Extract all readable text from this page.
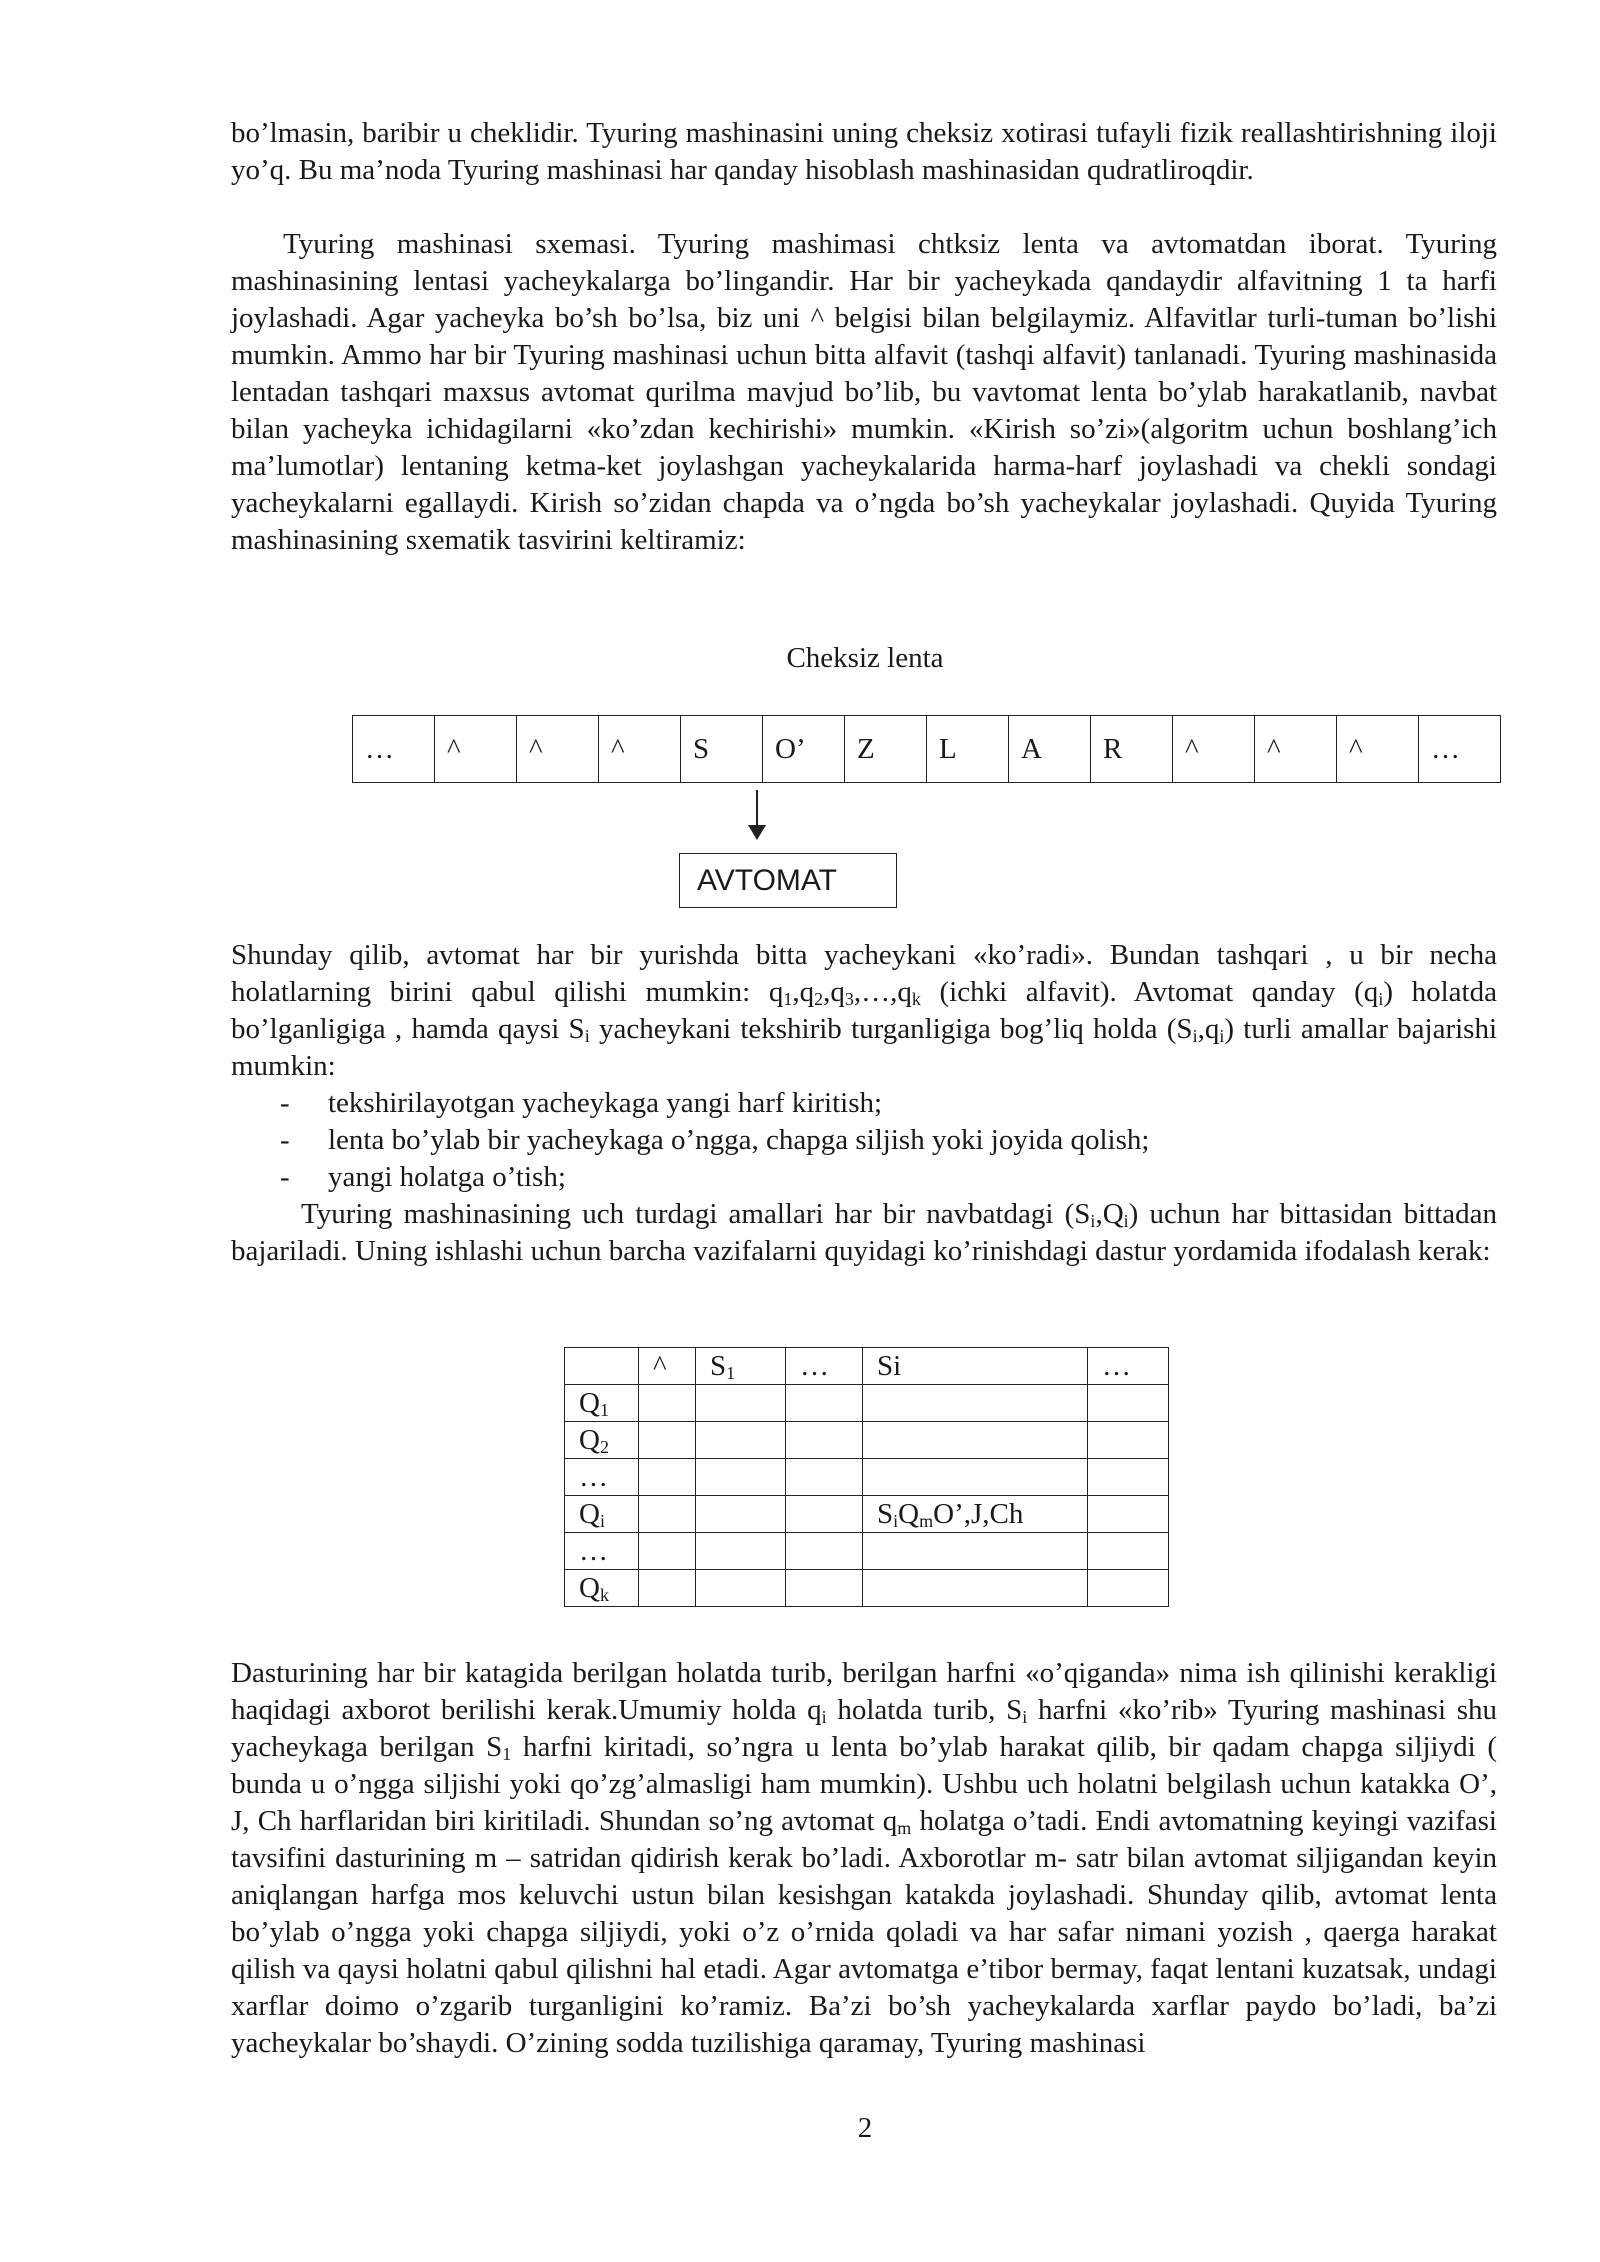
bo’lmasin, baribir u cheklidir. Tyuring mashinasini uning cheksiz xotirasi tufayli fizik reallashtirishning iloji yo’q. Bu ma’noda Tyuring mashinasi har qanday hisoblash mashinasidan qudratliroqdir.

Tyuring mashinasi sxemasi. Tyuring mashimasi chtksiz lenta va avtomatdan iborat. Tyuring mashinasining lentasi yacheykalarga bo’lingandir. Har bir yacheykada qandaydir alfavitning 1 ta harfi joylashadi. Agar yacheyka bo’sh bo’lsa, biz uni ^ belgisi bilan belgilaymiz. Alfavitlar turli-tuman bo’lishi mumkin. Ammo har bir Tyuring mashinasi uchun bitta alfavit (tashqi alfavit) tanlanadi. Tyuring mashinasida lentadan tashqari maxsus avtomat qurilma mavjud bo’lib, bu vavtomat lenta bo’ylab harakatlanib, navbat bilan yacheyka ichidagilarni «ko’zdan kechirishi» mumkin. «Kirish so’zi»(algoritm uchun boshlang’ich ma’lumotlar) lentaning ketma-ket joylashgan yacheykalarida harma-harf joylashadi va chekli sondagi yacheykalarni egallaydi. Kirish so’zidan chapda va o’ngda bo’sh yacheykalar joylashadi. Quyida Tyuring mashinasining sxematik tasvirini keltiramiz:

Cheksiz lenta
…	^	^	^	S	O’	Z	L	A	R	^	^	^	…
AVTOMAT

Shunday qilib, avtomat har bir yurishda bitta yacheykani «ko’radi». Bundan tashqari , u bir necha holatlarning birini qabul qilishi mumkin: $q_1,q_2,q_3,\dots,q_k$ (ichki alfavit). Avtomat qanday $(q_i)$ holatda bo’lganligiga , hamda qaysi $S_i$ yacheykani tekshirib turganligiga bog’liq holda $(S_i,q_i)$ turli amallar bajarishi mumkin:

- tekshirilayotgan yacheykaga yangi harf kiritish;
- lenta bo’ylab bir yacheykaga o’ngga, chapga siljish yoki joyida qolish;
- yangi holatga o’tish;

Tyuring mashinasining uch turdagi amallari har bir navbatdagi $(S_i,Q_i)$ uchun har bittasidan bittadan bajariladi. Uning ishlashi uchun barcha vazifalarni quyidagi ko’rinishdagi dastur yordamida ifodalash kerak:

	^	$S_1$	…	Si	…
$Q_1$					
$Q_2$					
…					
$Q_i$				$S_iQ_mO’,J,Ch$	
…					
$Q_k$					

Dasturining har bir katagida berilgan holatda turib, berilgan harfni «o’qiganda» nima ish qilinishi kerakligi haqidagi axborot berilishi kerak.Umumiy holda $q_i$ holatda turib, $S_i$ harfni «ko’rib» Tyuring mashinasi shu yacheykaga berilgan $S_1$ harfni kiritadi, so’ngra u lenta bo’ylab harakat qilib, bir qadam chapga siljiydi ( bunda u o’ngga siljishi yoki qo’zg’almasligi ham mumkin). Ushbu uch holatni belgilash uchun katakka O’, J, Ch harflaridan biri kiritiladi. Shundan so’ng avtomat $q_m$ holatga o’tadi. Endi avtomatning keyingi vazifasi tavsifini dasturining m – satridan qidirish kerak bo’ladi. Axborotlar m- satr bilan avtomat siljigandan keyin aniqlangan harfga mos keluvchi ustun bilan kesishgan katakda joylashadi. Shunday qilib, avtomat lenta bo’ylab o’ngga yoki chapga siljiydi, yoki o’z o’rnida qoladi va har safar nimani yozish , qaerga harakat qilish va qaysi holatni qabul qilishni hal etadi. Agar avtomatga e’tibor bermay, faqat lentani kuzatsak, undagi xarflar doimo o’zgarib turganligini ko’ramiz. Ba’zi bo’sh yacheykalarda xarflar paydo bo’ladi, ba’zi yacheykalar bo’shaydi. O’zining sodda tuzilishiga qaramay, Tyuring mashinasi

2
